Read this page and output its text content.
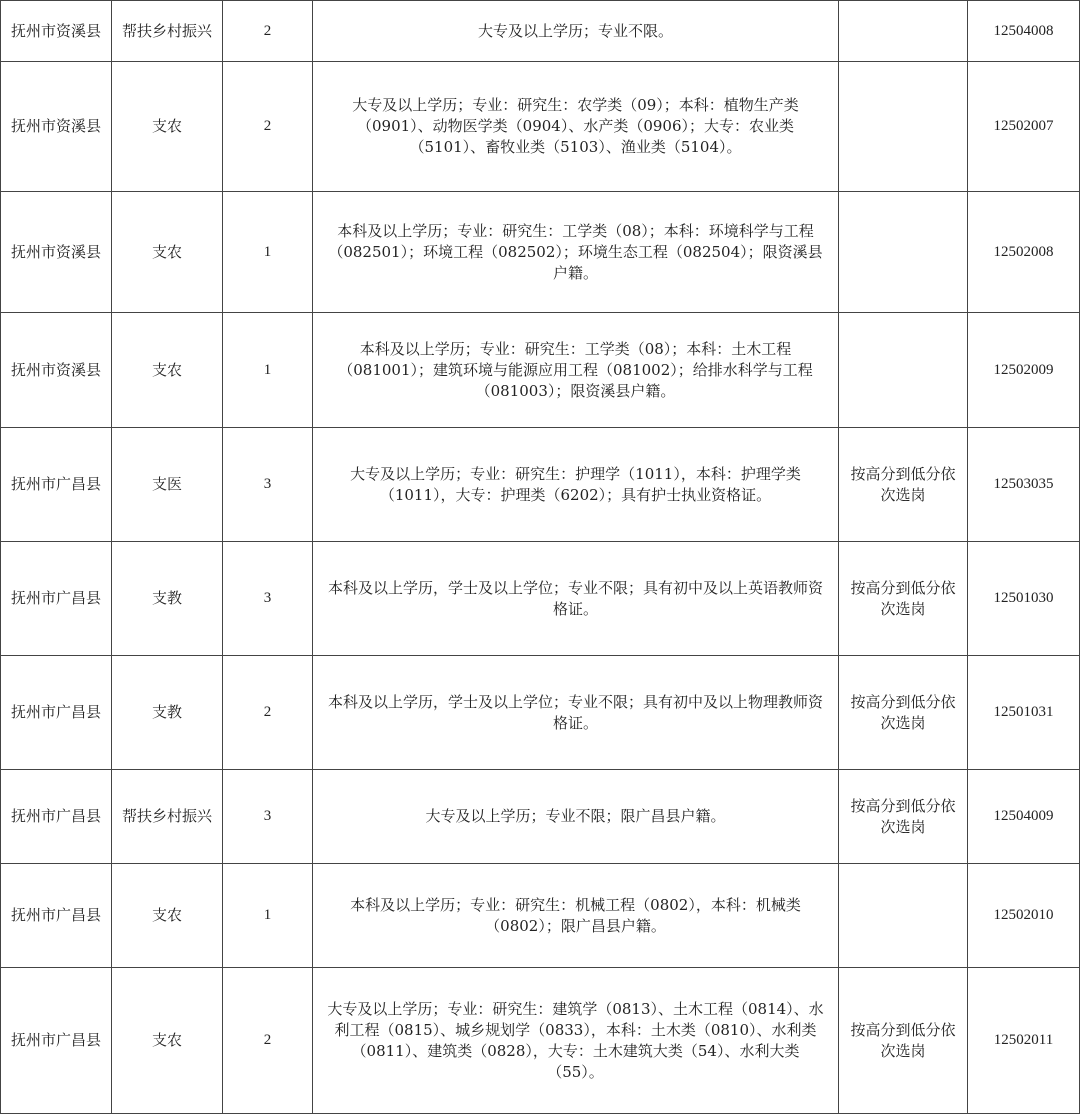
抚州市资溪县	帮扶乡村振兴	2	大专及以上学历；专业不限。		12504008
抚州市资溪县	支农	2	大专及以上学历；专业：研究生：农学类（09）；本科：植物生产类（0901）、动物医学类（0904）、水产类（0906）；大专：农业类（5101）、畜牧业类（5103）、渔业类（5104）。		12502007
抚州市资溪县	支农	1	本科及以上学历；专业：研究生：工学类（08）；本科：环境科学与工程（082501）；环境工程（082502）；环境生态工程（082504）；限资溪县户籍。		12502008
抚州市资溪县	支农	1	本科及以上学历；专业：研究生：工学类（08）；本科：土木工程（081001）；建筑环境与能源应用工程（081002）；给排水科学与工程（081003）；限资溪县户籍。		12502009
抚州市广昌县	支医	3	大专及以上学历；专业：研究生：护理学（1011），本科：护理学类（1011），大专：护理类（6202）；具有护士执业资格证。	按高分到低分依次选岗	12503035
抚州市广昌县	支教	3	本科及以上学历，学士及以上学位；专业不限；具有初中及以上英语教师资格证。	按高分到低分依次选岗	12501030
抚州市广昌县	支教	2	本科及以上学历，学士及以上学位；专业不限；具有初中及以上物理教师资格证。	按高分到低分依次选岗	12501031
抚州市广昌县	帮扶乡村振兴	3	大专及以上学历；专业不限；限广昌县户籍。	按高分到低分依次选岗	12504009
抚州市广昌县	支农	1	本科及以上学历；专业：研究生：机械工程（0802），本科：机械类（0802）；限广昌县户籍。		12502010
抚州市广昌县	支农	2	大专及以上学历；专业：研究生：建筑学（0813）、土木工程（0814）、水利工程（0815）、城乡规划学（0833），本科：土木类（0810）、水利类（0811）、建筑类（0828），大专：土木建筑大类（54）、水利大类（55）。	按高分到低分依次选岗	12502011
